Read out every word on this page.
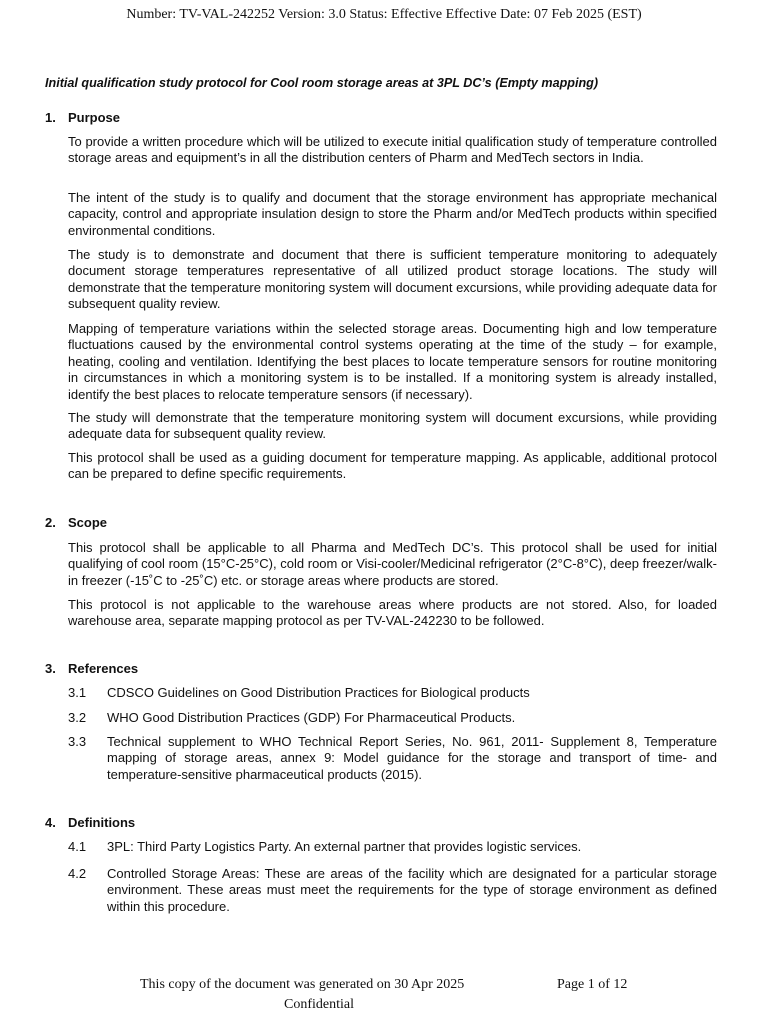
Number: TV-VAL-242252 Version: 3.0 Status: Effective Effective Date: 07 Feb 2025 (EST)
Initial qualification study protocol for Cool room storage areas at 3PL DC’s (Empty mapping)
1. Purpose

To provide a written procedure which will be utilized to execute initial qualification study of temperature controlled storage areas and equipment’s in all the distribution centers of Pharm and MedTech sectors in India.

The intent of the study is to qualify and document that the storage environment has appropriate mechanical capacity, control and appropriate insulation design to store the Pharm and/or MedTech products within specified environmental conditions.

The study is to demonstrate and document that there is sufficient temperature monitoring to adequately document storage temperatures representative of all utilized product storage locations. The study will demonstrate that the temperature monitoring system will document excursions, while providing adequate data for subsequent quality review.

Mapping of temperature variations within the selected storage areas. Documenting high and low temperature fluctuations caused by the environmental control systems operating at the time of the study – for example, heating, cooling and ventilation. Identifying the best places to locate temperature sensors for routine monitoring in circumstances in which a monitoring system is to be installed. If a monitoring system is already installed, identify the best places to relocate temperature sensors (if necessary).

The study will demonstrate that the temperature monitoring system will document excursions, while providing adequate data for subsequent quality review.

This protocol shall be used as a guiding document for temperature mapping. As applicable, additional protocol can be prepared to define specific requirements.

2. Scope

This protocol shall be applicable to all Pharma and MedTech DC’s. This protocol shall be used for initial qualifying of cool room (15°C-25°C), cold room or Visi-cooler/Medicinal refrigerator (2°C-8°C), deep freezer/walk-in freezer (-15˚C to -25˚C) etc. or storage areas where products are stored.

This protocol is not applicable to the warehouse areas where products are not stored. Also, for loaded warehouse area, separate mapping protocol as per TV-VAL-242230 to be followed.

3. References
3.1 CDSCO Guidelines on Good Distribution Practices for Biological products
3.2 WHO Good Distribution Practices (GDP) For Pharmaceutical Products.
3.3 Technical supplement to WHO Technical Report Series, No. 961, 2011- Supplement 8, Temperature mapping of storage areas, annex 9: Model guidance for the storage and transport of time- and temperature-sensitive pharmaceutical products (2015).
4. Definitions
4.1 3PL: Third Party Logistics Party. An external partner that provides logistic services.
4.2 Controlled Storage Areas: These are areas of the facility which are designated for a particular storage environment. These areas must meet the requirements for the type of storage environment as defined within this procedure.
This copy of the document was generated on 30 Apr 2025	Page 1 of 12
Confidential
